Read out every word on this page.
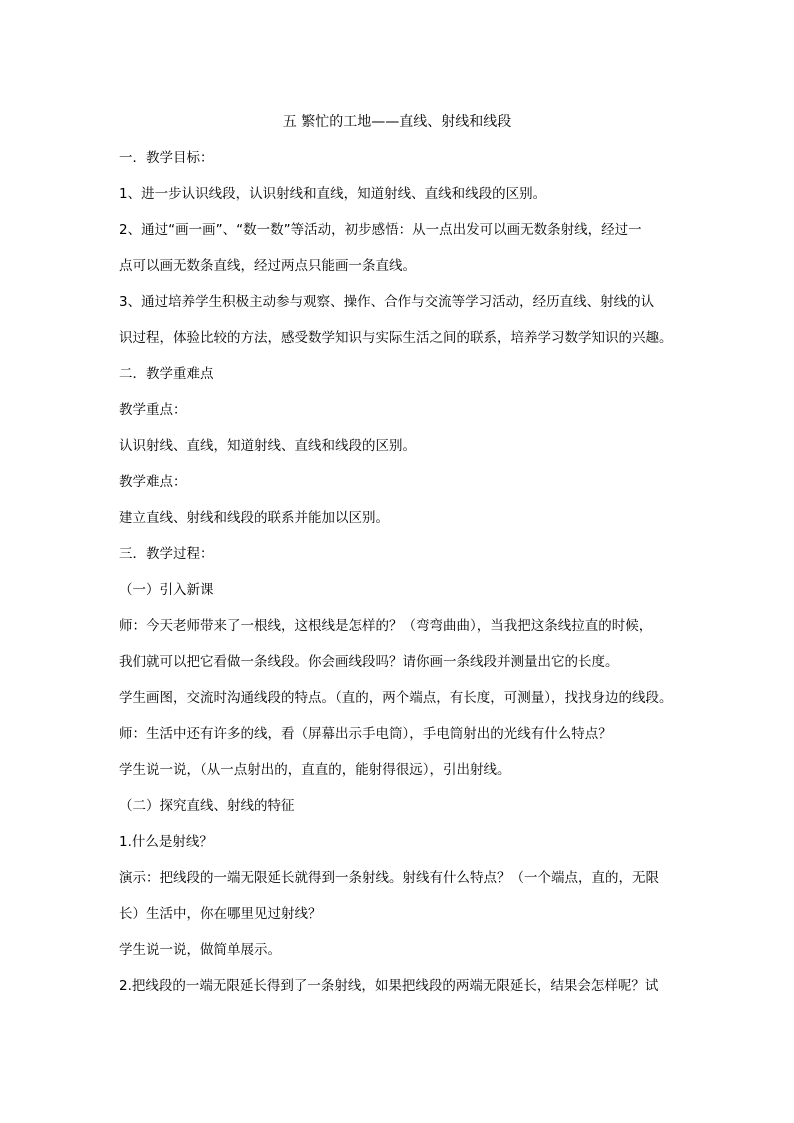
五 繁忙的工地——直线、射线和线段
一．教学目标：
1、进一步认识线段，认识射线和直线，知道射线、直线和线段的区别。
2、通过“画一画”、“数一数”等活动，初步感悟：从一点出发可以画无数条射线，经过一
点可以画无数条直线，经过两点只能画一条直线。
3、通过培养学生积极主动参与观察、操作、合作与交流等学习活动，经历直线、射线的认
识过程，体验比较的方法，感受数学知识与实际生活之间的联系，培养学习数学知识的兴趣。
二．教学重难点
教学重点：
认识射线、直线，知道射线、直线和线段的区别。
教学难点：
建立直线、射线和线段的联系并能加以区别。
三．教学过程：
（一）引入新课
师：今天老师带来了一根线，这根线是怎样的？（弯弯曲曲），当我把这条线拉直的时候，
我们就可以把它看做一条线段。你会画线段吗？请你画一条线段并测量出它的长度。
学生画图，交流时沟通线段的特点。（直的，两个端点，有长度，可测量），找找身边的线段。
师：生活中还有许多的线，看（屏幕出示手电筒），手电筒射出的光线有什么特点？
学生说一说，（从一点射出的，直直的，能射得很远），引出射线。
（二）探究直线、射线的特征
1.什么是射线？
演示：把线段的一端无限延长就得到一条射线。射线有什么特点？（一个端点，直的，无限
长）生活中，你在哪里见过射线？
学生说一说，做简单展示。
2.把线段的一端无限延长得到了一条射线，如果把线段的两端无限延长，结果会怎样呢？试
